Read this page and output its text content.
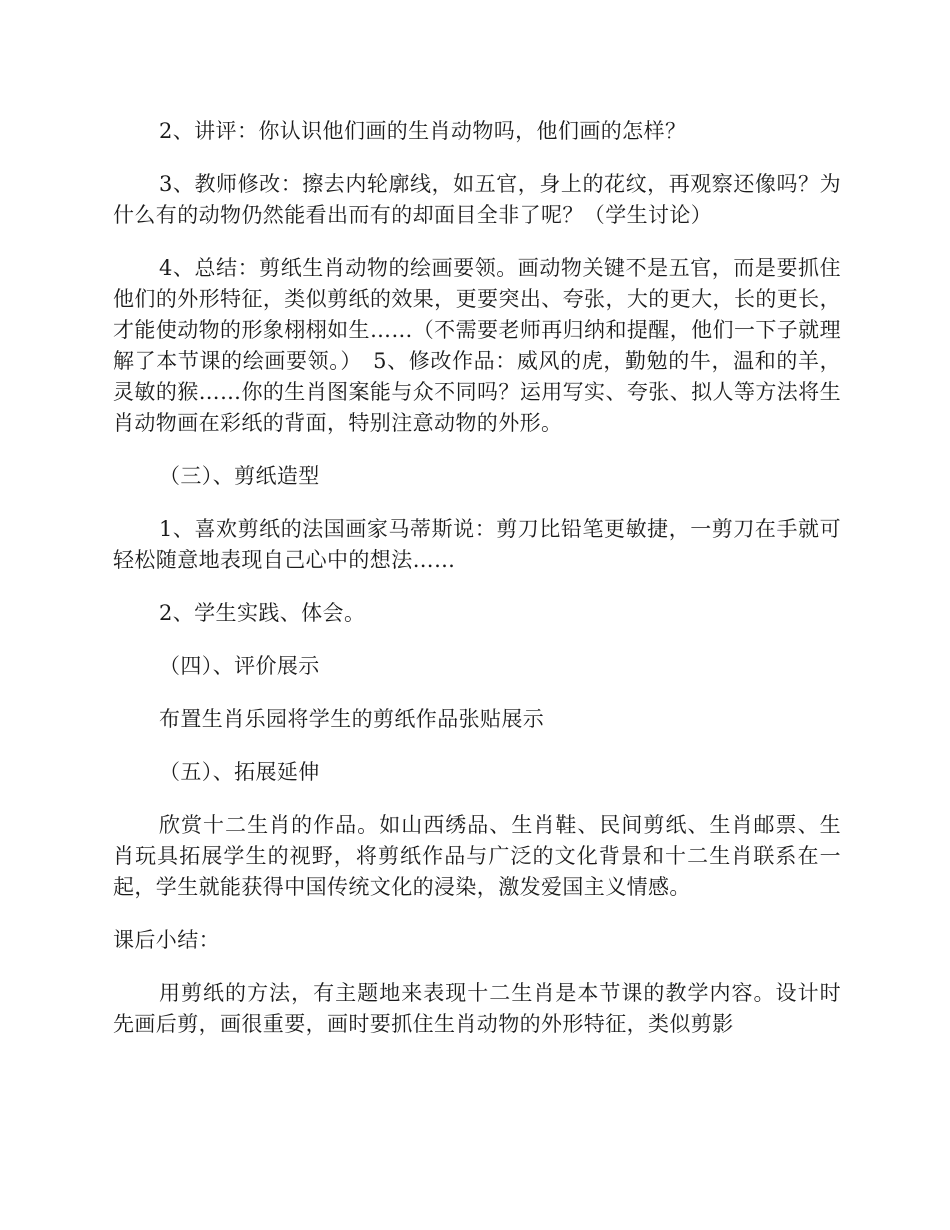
2、讲评：你认识他们画的生肖动物吗，他们画的怎样？

3、教师修改：擦去内轮廓线，如五官，身上的花纹，再观察还像吗？为什么有的动物仍然能看出而有的却面目全非了呢？（学生讨论）

4、总结：剪纸生肖动物的绘画要领。画动物关键不是五官，而是要抓住他们的外形特征，类似剪纸的效果，更要突出、夸张，大的更大，长的更长，才能使动物的形象栩栩如生……（不需要老师再归纳和提醒，他们一下子就理解了本节课的绘画要领。）　5、修改作品：威风的虎，勤勉的牛，温和的羊，灵敏的猴……你的生肖图案能与众不同吗？运用写实、夸张、拟人等方法将生肖动物画在彩纸的背面，特别注意动物的外形。

（三）、剪纸造型

1、喜欢剪纸的法国画家马蒂斯说：剪刀比铅笔更敏捷，一剪刀在手就可轻松随意地表现自己心中的想法……

2、学生实践、体会。

（四）、评价展示

布置生肖乐园将学生的剪纸作品张贴展示

（五）、拓展延伸

欣赏十二生肖的作品。如山西绣品、生肖鞋、民间剪纸、生肖邮票、生肖玩具拓展学生的视野，将剪纸作品与广泛的文化背景和十二生肖联系在一起，学生就能获得中国传统文化的浸染，激发爱国主义情感。

课后小结：

用剪纸的方法，有主题地来表现十二生肖是本节课的教学内容。设计时先画后剪，画很重要，画时要抓住生肖动物的外形特征，类似剪影
